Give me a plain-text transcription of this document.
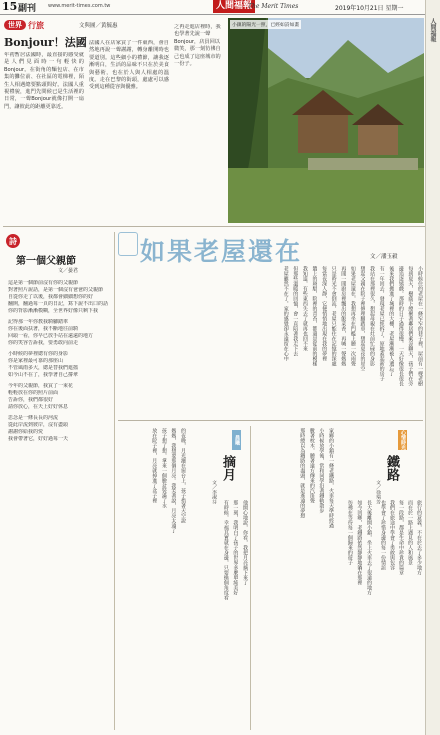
15 副刊 www.merit-times.com.tw	人間福報
The Merit Times	2019年10月21日 星期一
人間福報
世界 行旅	文與圖／黃毓惠
Bonjour！法國
年初暫居法國時，最直接的感受就是人們見面時一句輕快的Bonjour。在街角的麵包店、在市集的攤位前、在社區的電梯裡，陌生人相遇總要點頭問好。法國人重視禮貌，進門先問候已是生活裡的日常，一聲Bonjour就像打開一扇門，讓彼此的距離更靠近。
法國人在店家買了一件東西，會自然地再說一聲謝謝，轉身離開時也要道別。這些細小的禮節，讓我逐漸明白，生活的品味不只在於美食與藝術，也在於人與人相處的溫度。走在巴黎的街頭，處處可以感受到這種從容與優雅。
之再走進店裡時，我也學著先說一聲Bonjour，店員回以微笑，那一刻彷彿自己也成了這座城市的一份子。
小鎮的陽光一照，已經如詩如畫
詩
第一個父親節
文／晏君
這是第一個節前沒有你的父親節
對著照片說話，是第一個沒有爸爸的父親節
自從你走了以後，我都會細細想你的好
翻開，翻過每一頁的日記，寫下說不出口的話
你的背影漸漸模糊，全世界好像只剩下我
記得那一年你教我騎腳踏車
你在後面扶著，我不斷地往前騎
回頭一看，你早已放手站在遠遠的地方
你的笑容告訴我，要勇敢向前走
小時候的夢裡總有你的身影
你是家裡最可靠的那座山
不管風雨多大，總是替我們遮擋
如今山不在了，我學著自己撐傘
今年的父親節，我買了一束花
輕輕放在你的照片前面
告訴你，我們都很好
請你放心，在天上好好休息
思念是一條長長的河流
從此岸流到彼岸，沒有盡頭
謝謝你給我的愛
我會帶著它，好好過每一天
如果老屋還在	文／潘玉毅
小時候住的老屋在一條窄窄的巷子裡，屋前有一棵老樹
每到夏天，樹蔭下總聚著鄰居們乘涼聊天，孩子們在旁
邊追逐嬉戲。那時的日子過得很慢，一天好像很長很長
後來我們搬進了城裡的大樓，老屋漸漸被人遺忘了
有一年回去，發現老屋已經拆了，原地蓋起新的房子
我站在那裡很久，想起母親在灶前忙碌的身影
想起父親在院子裡修理腳踏車，想起夏夜的星空
如果老屋還在，我想再坐在門檻上聽一次雨聲
再聞一聞廚房裡飄出的飯菜香，再喊一聲媽媽
只是時光不會倒流，老屋只能住在記憶的深處
每當夜深人靜，它便悄悄地出現在我的夢裡
牆上的斑駁，院裡的青苔，都還是從前的模樣
我知道，有些東西失去了就再也回不來
但那些溫暖的回憶，會一直陪著我走下去
老屋雖然不在了，家的感覺卻永遠留在心中
的夜晚，月光灑在窗台上，孩子指著天空說
媽媽，我想要那個月亮。我笑著說，月亮太遠了
孩子想了想，拿來一個臉盆裝滿了水
放在院子裡，月亮就掉進了盆子裡	晨曦
摘月
文／李淑芬
他開心地說，你看，我把月亮摘下來了
那一刻，我明白了孩子的世界多麼單純美好
有時候，幸福其實就在身邊，只要換個角度看
家鄉的小鎮有一條老鐵路，火車每天準時經過
小時候放學後，常和同學沿著鐵軌散步
數著枕木，聽著遠方傳來的汽笛聲
那時總以為鐵路的盡頭，就是遙遠的夢想	心情時光
鐵路
文／徐瑞芳
長大後離開小鎮，坐上火車去了很遠的地方
如今回鄉，老鐵路依然靜靜地躺在那裡
彷彿在等待每一個歸來的遊子	旅行的意義，不在於去了多少地方
而在於一路上遇見的人和風景
每一段路，都是生命中珍貴的篇章
我們在旅途中學會了勇敢與包容
也學會了珍惜身邊的每一份情誼
